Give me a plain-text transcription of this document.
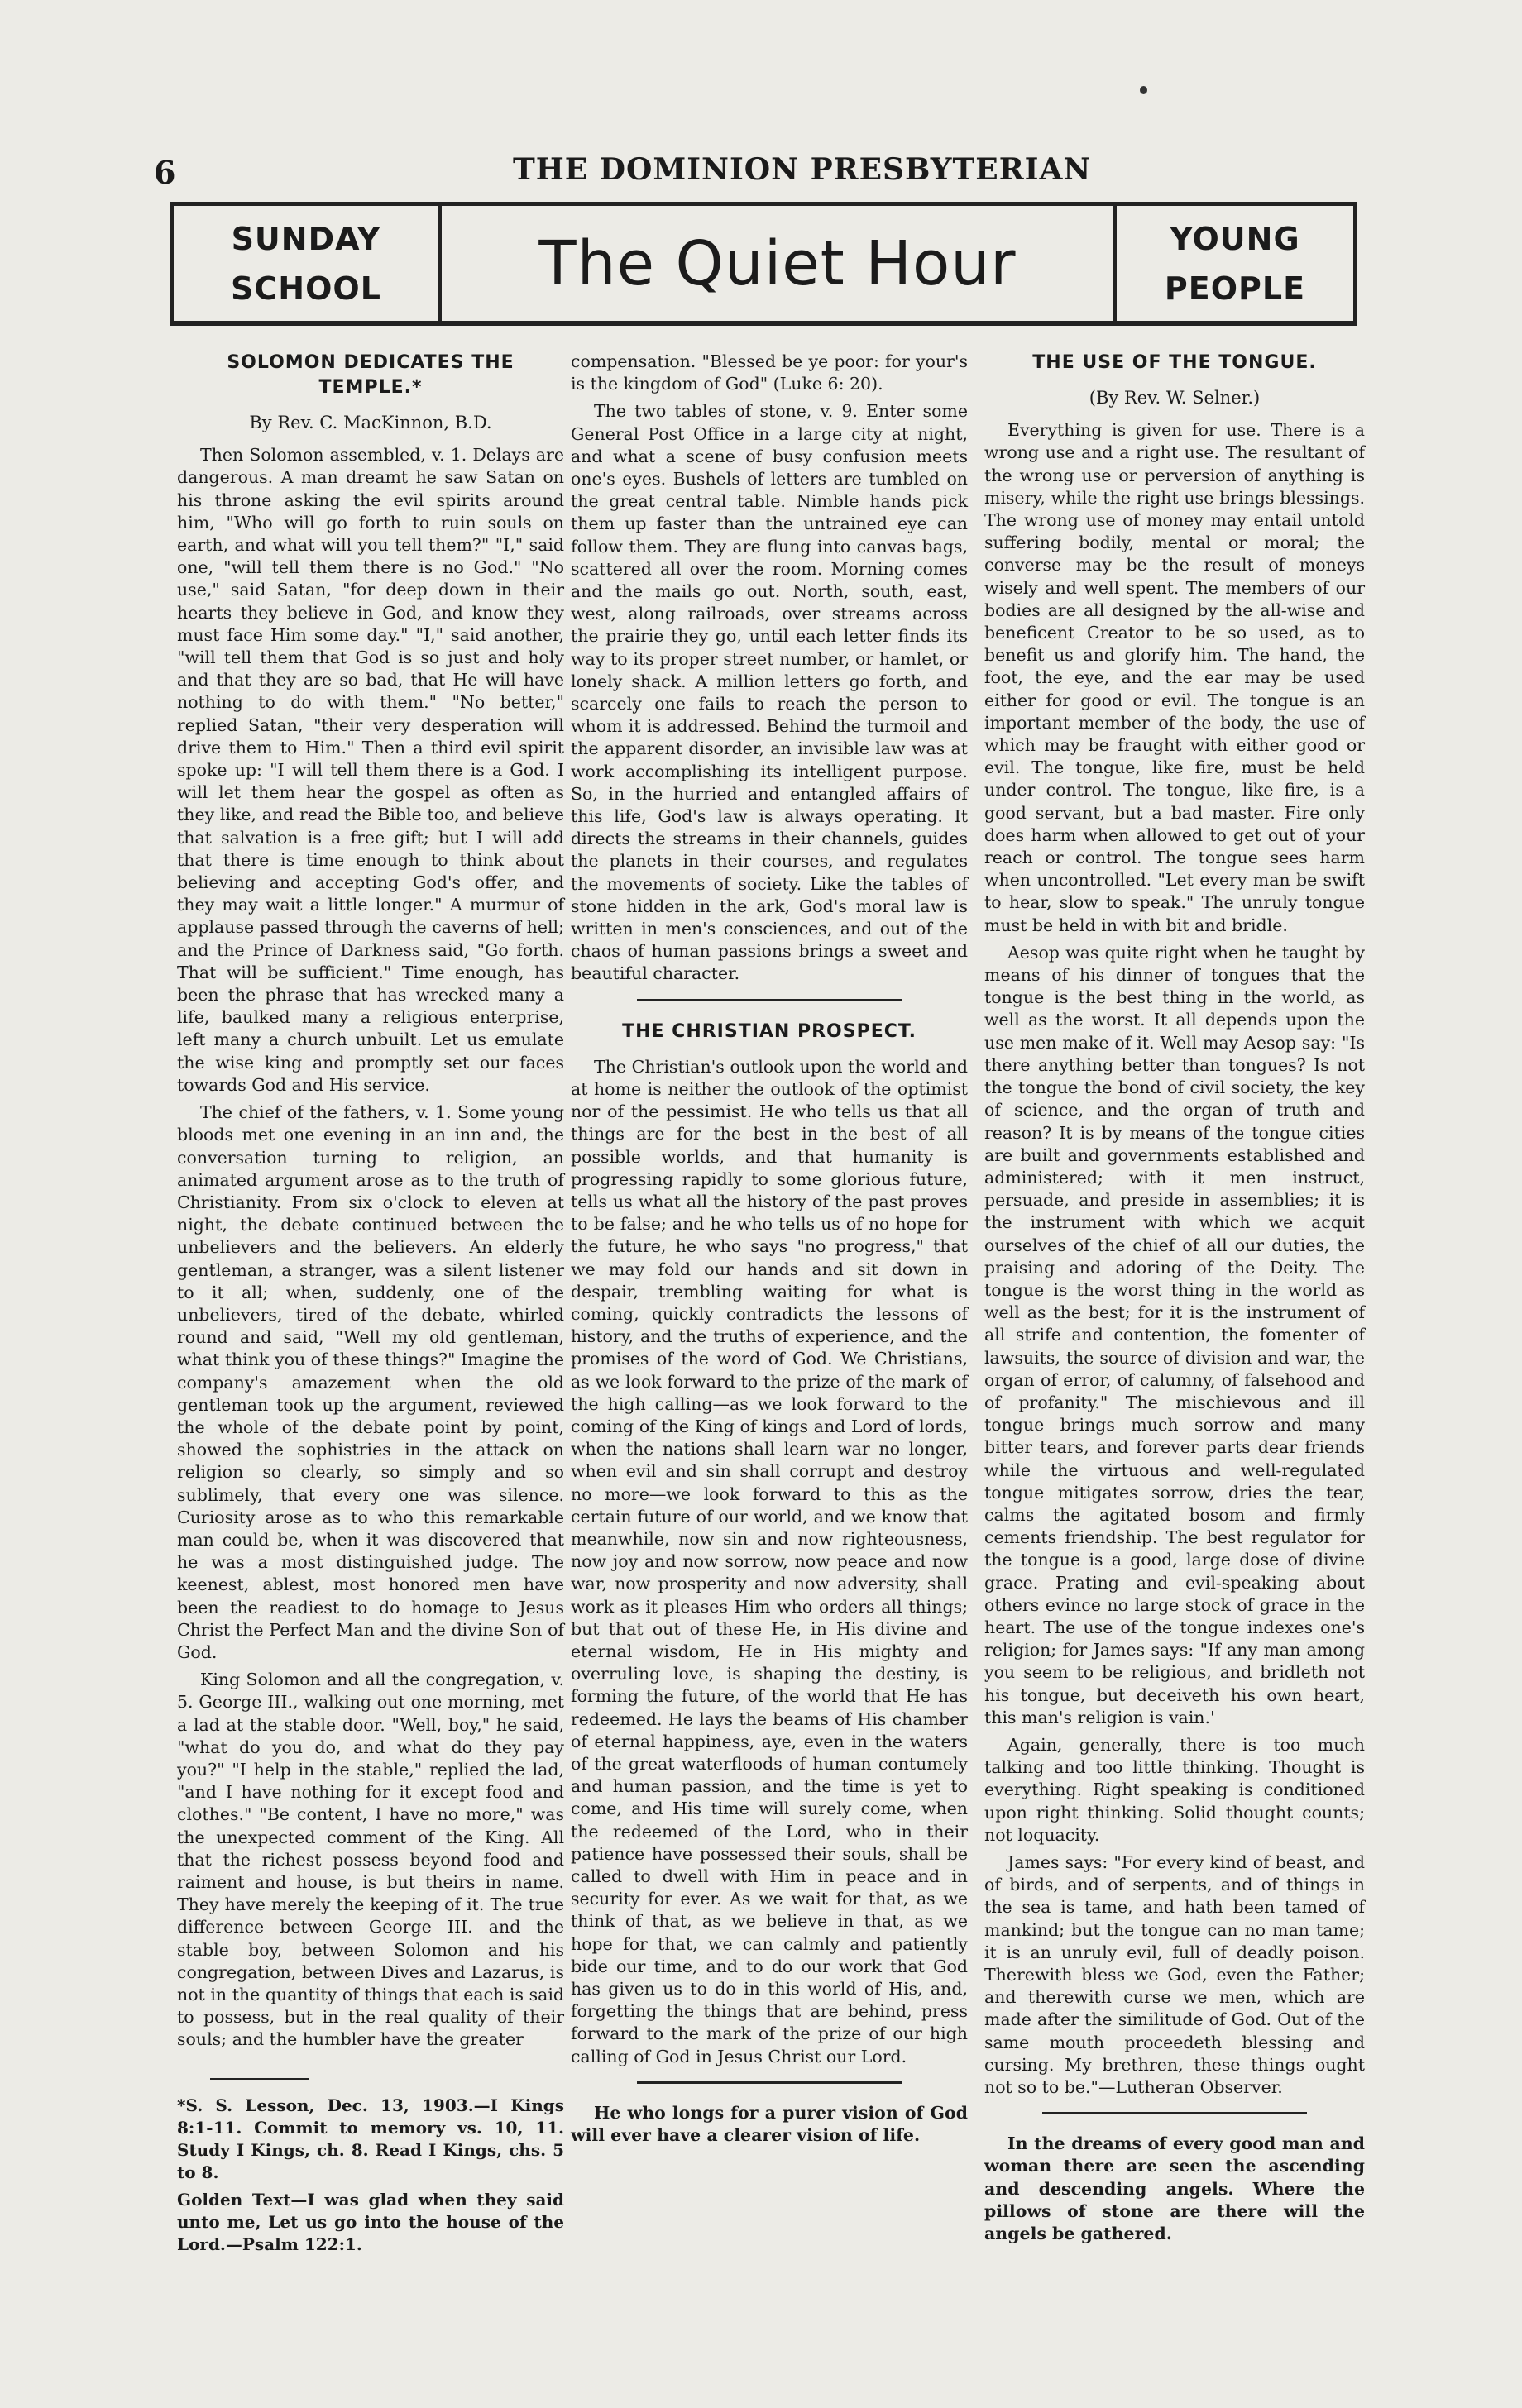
6	THE DOMINION PRESBYTERIAN
SUNDAY
SCHOOL	The Quiet Hour	YOUNG
PEOPLE
SOLOMON DEDICATES THE TEMPLE.*
By Rev. C. MacKinnon, B.D.

Then Solomon assembled, v. 1. Delays are dangerous. A man dreamt he saw Satan on his throne asking the evil spirits around him, "Who will go forth to ruin souls on earth, and what will you tell them?" "I," said one, "will tell them there is no God." "No use," said Satan, "for deep down in their hearts they believe in God, and know they must face Him some day." "I," said another, "will tell them that God is so just and holy and that they are so bad, that He will have nothing to do with them." "No better," replied Satan, "their very desperation will drive them to Him." Then a third evil spirit spoke up: "I will tell them there is a God. I will let them hear the gospel as often as they like, and read the Bible too, and believe that salvation is a free gift; but I will add that there is time enough to think about believing and accepting God's offer, and they may wait a little longer." A murmur of applause passed through the caverns of hell; and the Prince of Darkness said, "Go forth. That will be sufficient." Time enough, has been the phrase that has wrecked many a life, baulked many a religious enterprise, left many a church unbuilt. Let us emulate the wise king and promptly set our faces towards God and His service.

The chief of the fathers, v. 1. Some young bloods met one evening in an inn and, the conversation turning to religion, an animated argument arose as to the truth of Christianity. From six o'clock to eleven at night, the debate continued between the unbelievers and the believers. An elderly gentleman, a stranger, was a silent listener to it all; when, suddenly, one of the unbelievers, tired of the debate, whirled round and said, "Well my old gentleman, what think you of these things?" Imagine the company's amazement when the old gentleman took up the argument, reviewed the whole of the debate point by point, showed the sophistries in the attack on religion so clearly, so simply and so sublimely, that every one was silence. Curiosity arose as to who this remarkable man could be, when it was discovered that he was a most distinguished judge. The keenest, ablest, most honored men have been the readiest to do homage to Jesus Christ the Perfect Man and the divine Son of God.

King Solomon and all the congregation, v. 5. George III., walking out one morning, met a lad at the stable door. "Well, boy," he said, "what do you do, and what do they pay you?" "I help in the stable," replied the lad, "and I have nothing for it except food and clothes." "Be content, I have no more," was the unexpected comment of the King. All that the richest possess beyond food and raiment and house, is but theirs in name. They have merely the keeping of it. The true difference between George III. and the stable boy, between Solomon and his congregation, between Dives and Lazarus, is not in the quantity of things that each is said to possess, but in the real quality of their souls; and the humbler have the greater

*S. S. Lesson, Dec. 13, 1903.—I Kings 8:1-11. Commit to memory vs. 10, 11. Study I Kings, ch. 8. Read I Kings, chs. 5 to 8.

Golden Text—I was glad when they said unto me, Let us go into the house of the Lord.—Psalm 122:1.

compensation. "Blessed be ye poor: for your's is the kingdom of God" (Luke 6: 20).

The two tables of stone, v. 9. Enter some General Post Office in a large city at night, and what a scene of busy confusion meets one's eyes. Bushels of letters are tumbled on the great central table. Nimble hands pick them up faster than the untrained eye can follow them. They are flung into canvas bags, scattered all over the room. Morning comes and the mails go out. North, south, east, west, along railroads, over streams across the prairie they go, until each letter finds its way to its proper street number, or hamlet, or lonely shack. A million letters go forth, and scarcely one fails to reach the person to whom it is addressed. Behind the turmoil and the apparent disorder, an invisible law was at work accomplishing its intelligent purpose. So, in the hurried and entangled affairs of this life, God's law is always operating. It directs the streams in their channels, guides the planets in their courses, and regulates the movements of society. Like the tables of stone hidden in the ark, God's moral law is written in men's consciences, and out of the chaos of human passions brings a sweet and beautiful character.

THE CHRISTIAN PROSPECT.

The Christian's outlook upon the world and at home is neither the outlook of the optimist nor of the pessimist. He who tells us that all things are for the best in the best of all possible worlds, and that humanity is progressing rapidly to some glorious future, tells us what all the history of the past proves to be false; and he who tells us of no hope for the future, he who says "no progress," that we may fold our hands and sit down in despair, trembling waiting for what is coming, quickly contradicts the lessons of history, and the truths of experience, and the promises of the word of God. We Christians, as we look forward to the prize of the mark of the high calling—as we look forward to the coming of the King of kings and Lord of lords, when the nations shall learn war no longer, when evil and sin shall corrupt and destroy no more—we look forward to this as the certain future of our world, and we know that meanwhile, now sin and now righteousness, now joy and now sorrow, now peace and now war, now prosperity and now adversity, shall work as it pleases Him who orders all things; but that out of these He, in His divine and eternal wisdom, He in His mighty and overruling love, is shaping the destiny, is forming the future, of the world that He has redeemed. He lays the beams of His chamber of eternal happiness, aye, even in the waters of the great waterfloods of human contumely and human passion, and the time is yet to come, and His time will surely come, when the redeemed of the Lord, who in their patience have possessed their souls, shall be called to dwell with Him in peace and in security for ever. As we wait for that, as we think of that, as we believe in that, as we hope for that, we can calmly and patiently bide our time, and to do our work that God has given us to do in this world of His, and, forgetting the things that are behind, press forward to the mark of the prize of our high calling of God in Jesus Christ our Lord.

He who longs for a purer vision of God will ever have a clearer vision of life.

THE USE OF THE TONGUE.
(By Rev. W. Selner.)

Everything is given for use. There is a wrong use and a right use. The resultant of the wrong use or perversion of anything is misery, while the right use brings blessings. The wrong use of money may entail untold suffering bodily, mental or moral; the converse may be the result of moneys wisely and well spent. The members of our bodies are all designed by the all-wise and beneficent Creator to be so used, as to benefit us and glorify him. The hand, the foot, the eye, and the ear may be used either for good or evil. The tongue is an important member of the body, the use of which may be fraught with either good or evil. The tongue, like fire, must be held under control. The tongue, like fire, is a good servant, but a bad master. Fire only does harm when allowed to get out of your reach or control. The tongue sees harm when uncontrolled. "Let every man be swift to hear, slow to speak." The unruly tongue must be held in with bit and bridle.

Aesop was quite right when he taught by means of his dinner of tongues that the tongue is the best thing in the world, as well as the worst. It all depends upon the use men make of it. Well may Aesop say: "Is there anything better than tongues? Is not the tongue the bond of civil society, the key of science, and the organ of truth and reason? It is by means of the tongue cities are built and governments established and administered; with it men instruct, persuade, and preside in assemblies; it is the instrument with which we acquit ourselves of the chief of all our duties, the praising and adoring of the Deity. The tongue is the worst thing in the world as well as the best; for it is the instrument of all strife and contention, the fomenter of lawsuits, the source of division and war, the organ of error, of calumny, of falsehood and of profanity." The mischievous and ill tongue brings much sorrow and many bitter tears, and forever parts dear friends while the virtuous and well-regulated tongue mitigates sorrow, dries the tear, calms the agitated bosom and firmly cements friendship. The best regulator for the tongue is a good, large dose of divine grace. Prating and evil-speaking about others evince no large stock of grace in the heart. The use of the tongue indexes one's religion; for James says: "If any man among you seem to be religious, and bridleth not his tongue, but deceiveth his own heart, this man's religion is vain.'

Again, generally, there is too much talking and too little thinking. Thought is everything. Right speaking is conditioned upon right thinking. Solid thought counts; not loquacity.

James says: "For every kind of beast, and of birds, and of serpents, and of things in the sea is tame, and hath been tamed of mankind; but the tongue can no man tame; it is an unruly evil, full of deadly poison. Therewith bless we God, even the Father; and therewith curse we men, which are made after the similitude of God. Out of the same mouth proceedeth blessing and cursing. My brethren, these things ought not so to be."—Lutheran Observer.

In the dreams of every good man and woman there are seen the ascending and descending angels. Where the pillows of stone are there will the angels be gathered.
